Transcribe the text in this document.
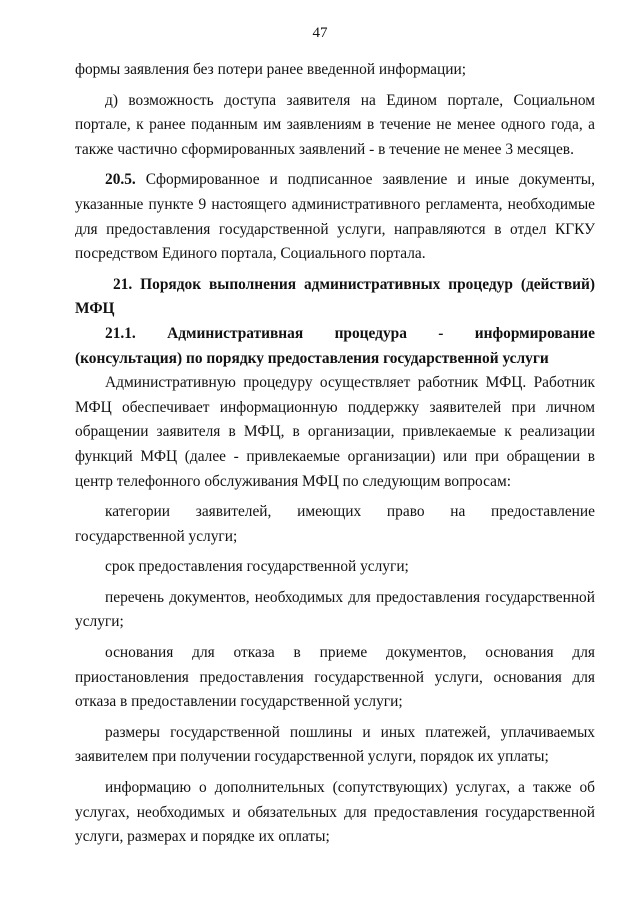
47

формы заявления без потери ранее введенной информации;

д) возможность доступа заявителя на Едином портале, Социальном портале, к ранее поданным им заявлениям в течение не менее одного года, а также частично сформированных заявлений - в течение не менее 3 месяцев.

20.5. Сформированное и подписанное заявление и иные документы, указанные пункте 9 настоящего административного регламента, необходимые для предоставления государственной услуги, направляются в отдел КГКУ посредством Единого портала, Социального портала.

21. Порядок выполнения административных процедур (действий) МФЦ

21.1. Административная процедура - информирование
(консультация) по порядку предоставления государственной услуги

Административную процедуру осуществляет работник МФЦ. Работник МФЦ обеспечивает информационную поддержку заявителей при личном обращении заявителя в МФЦ, в организации, привлекаемые к реализации функций МФЦ (далее - привлекаемые организации) или при обращении в центр телефонного обслуживания МФЦ по следующим вопросам:

категории заявителей, имеющих право на предоставление государственной услуги;

срок предоставления государственной услуги;

перечень документов, необходимых для предоставления государственной услуги;

основания для отказа в приеме документов, основания для приостановления предоставления государственной услуги, основания для отказа в предоставлении государственной услуги;

размеры государственной пошлины и иных платежей, уплачиваемых заявителем при получении государственной услуги, порядок их уплаты;

информацию о дополнительных (сопутствующих) услугах, а также об услугах, необходимых и обязательных для предоставления государственной услуги, размерах и порядке их оплаты;
